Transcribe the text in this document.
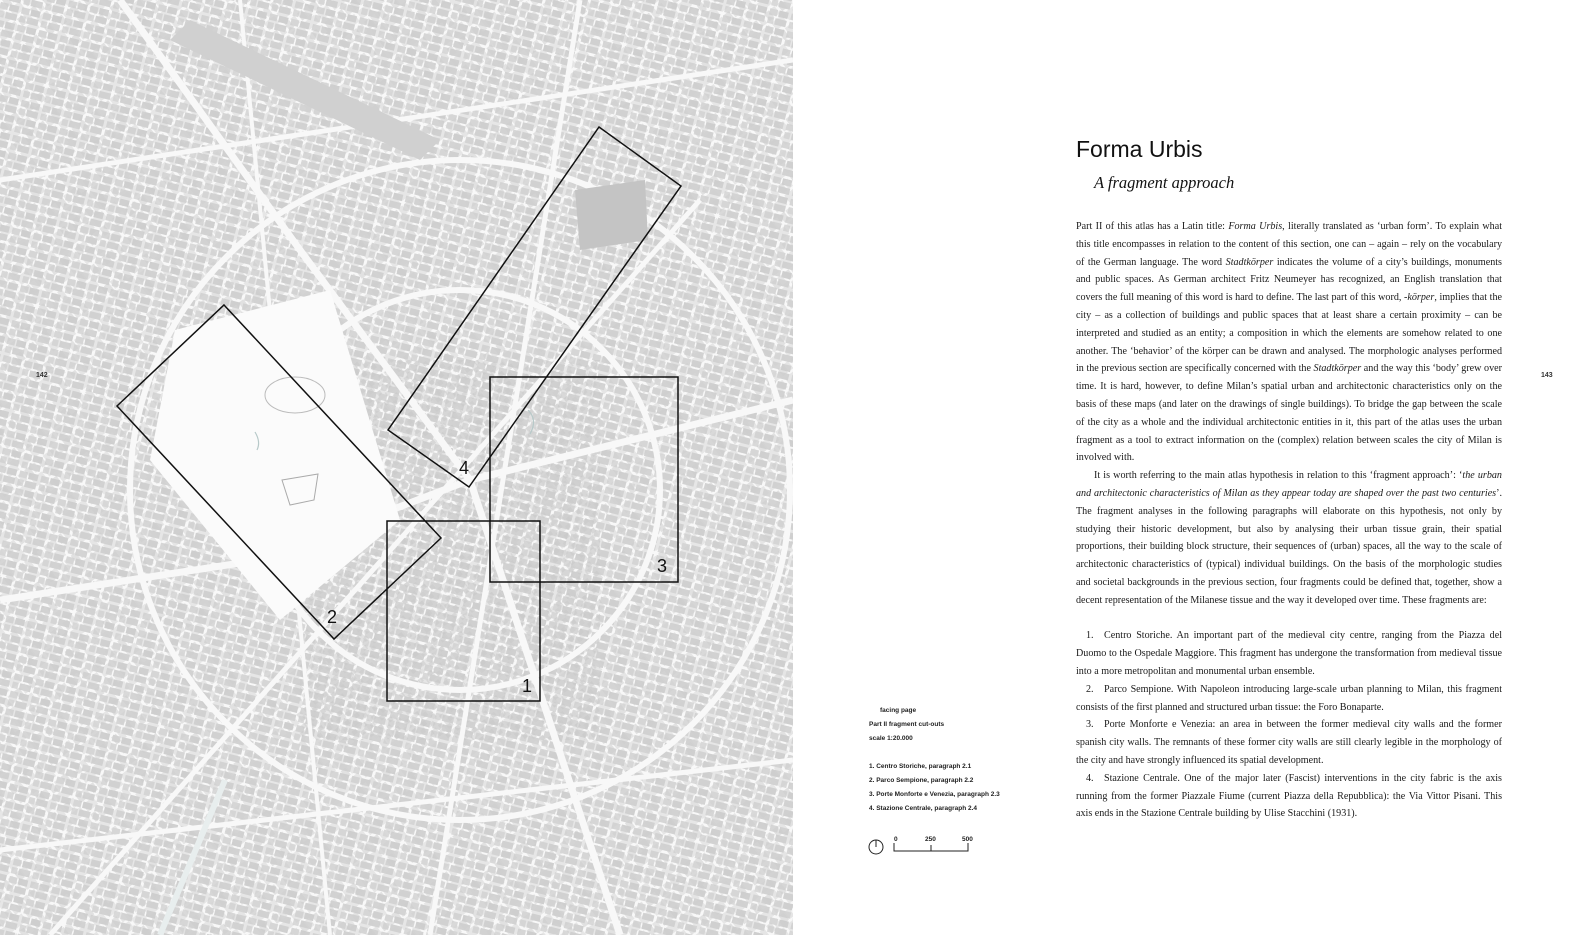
1
2
3
4
142	143
facing page
Part II fragment cut-outs
scale 1:20.000
1. Centro Storiche, paragraph 2.1
2. Parco Sempione, paragraph 2.2
3. Porte Monforte e Venezia, paragraph 2.3
4. Stazione Centrale, paragraph 2.4
0	250	500
Forma Urbis
A fragment approach

Part II of this atlas has a Latin title: Forma Urbis, literally translated as ‘urban form’. To explain what this title encompasses in relation to the content of this section, one can – again – rely on the vocabulary of the German language. The word Stadtkörper indicates the volume of a city’s buildings, monuments and public spaces. As German architect Fritz Neumeyer has recognized, an English translation that covers the full meaning of this word is hard to define. The last part of this word, -körper, implies that the city – as a collection of buildings and public spaces that at least share a certain proximity – can be interpreted and studied as an entity; a composition in which the elements are somehow related to one another. The ‘behavior’ of the körper can be drawn and analysed. The morphologic analyses performed in the previous section are specifically concerned with the Stadtkörper and the way this ‘body’ grew over time. It is hard, however, to define Milan’s spatial urban and architectonic characteristics only on the basis of these maps (and later on the drawings of single buildings). To bridge the gap between the scale of the city as a whole and the individual architectonic entities in it, this part of the atlas uses the urban fragment as a tool to extract information on the (complex) relation between scales the city of Milan is involved with.

It is worth referring to the main atlas hypothesis in relation to this ‘fragment approach’: ‘the urban and architectonic characteristics of Milan as they appear today are shaped over the past two centuries’. The fragment analyses in the following paragraphs will elaborate on this hypothesis, not only by studying their historic development, but also by analysing their urban tissue grain, their spatial proportions, their building block structure, their sequences of (urban) spaces, all the way to the scale of architectonic characteristics of (typical) individual buildings. On the basis of the morphologic studies and societal backgrounds in the previous section, four fragments could be defined that, together, show a decent representation of the Milanese tissue and the way it developed over time. These fragments are:

1. Centro Storiche. An important part of the medieval city centre, ranging from the Piazza del Duomo to the Ospedale Maggiore. This fragment has undergone the transformation from medieval tissue into a more metropolitan and monumental urban ensemble.

2. Parco Sempione. With Napoleon introducing large-scale urban planning to Milan, this fragment consists of the first planned and structured urban tissue: the Foro Bonaparte.

3. Porte Monforte e Venezia: an area in between the former medieval city walls and the former spanish city walls. The remnants of these former city walls are still clearly legible in the morphology of the city and have strongly influenced its spatial development.

4. Stazione Centrale. One of the major later (Fascist) interventions in the city fabric is the axis running from the former Piazzale Fiume (current Piazza della Repubblica): the Via Vittor Pisani. This axis ends in the Stazione Centrale building by Ulise Stacchini (1931).
